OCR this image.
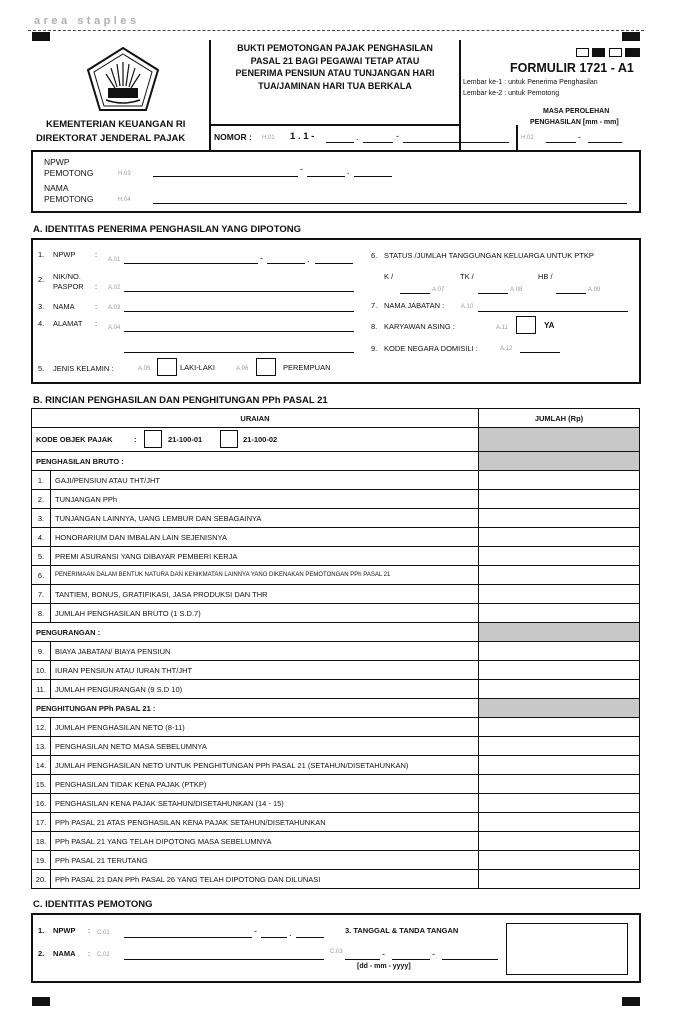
area staples
KEMENTERIAN KEUANGAN RI
DIREKTORAT JENDERAL PAJAK
BUKTI PEMOTONGAN PAJAK PENGHASILAN
PASAL 21 BAGI PEGAWAI TETAP ATAU
PENERIMA PENSIUN ATAU TUNJANGAN HARI
TUA/JAMINAN HARI TUA BERKALA
NOMOR : H.01 1 . 1 -	.	-
FORMULIR 1721 - A1
Lembar ke-1 : untuk Penerima Penghasilan
Lembar ke-2 : untuk Pemotong
MASA PEROLEHAN
PENGHASILAN [mm - mm]
H.02	-
NPWP
PEMOTONG	H.03	-	.
NAMA
PEMOTONG	H.04
A. IDENTITAS PENERIMA PENGHASILAN YANG DIPOTONG
1. NPWP	:
A.01	-	.
2. NIK/NO.
PASPOR : A.02
3. NAMA	: A.03
4. ALAMAT : A.04
5. JENIS KELAMIN :	A.05	LAKI-LAKI	A.06	PEREMPUAN
6. STATUS /JUMLAH TANGGUNGAN KELUARGA UNTUK PTKP
K /	TK /	HB /
A.07	A.08	A.09
7. NAMA JABATAN :	A.10
8. KARYAWAN ASING :	A.11	YA
9. KODE NEGARA DOMISILI :	A.12
B. RINCIAN PENGHASILAN DAN PENGHITUNGAN PPh PASAL 21
URAIAN		JUMLAH (Rp)

KODE OBJEK PAJAK : 21-100-01 21-100-02		

PENGHASILAN BRUTO :		
1.	GAJI/PENSIUN ATAU THT/JHT	
2.	TUNJANGAN PPh	
3.	TUNJANGAN LAINNYA, UANG LEMBUR DAN SEBAGAINYA	
4.	HONORARIUM DAN IMBALAN LAIN SEJENISNYA	
5.	PREMI ASURANSI YANG DIBAYAR PEMBERI KERJA	
6.	PENERIMAAN DALAM BENTUK NATURA DAN KENIKMATAN LAINNYA YANG DIKENAKAN PEMOTONGAN PPh PASAL 21	
7.	TANTIEM, BONUS, GRATIFIKASI, JASA PRODUKSI DAN THR	
8.	JUMLAH PENGHASILAN BRUTO (1 S.D.7)	
PENGURANGAN :		
9.	BIAYA JABATAN/ BIAYA PENSIUN	
10.	IURAN PENSIUN ATAU IURAN THT/JHT	
11.	JUMLAH PENGURANGAN (9 S.D 10)	
PENGHITUNGAN PPh PASAL 21 :		
12.	JUMLAH PENGHASILAN NETO (8-11)	
13.	PENGHASILAN NETO MASA SEBELUMNYA	
14.	JUMLAH PENGHASILAN NETO UNTUK PENGHITUNGAN PPh PASAL 21 (SETAHUN/DISETAHUNKAN)	
15.	PENGHASILAN TIDAK KENA PAJAK (PTKP)	
16.	PENGHASILAN KENA PAJAK SETAHUN/DISETAHUNKAN (14 - 15)	
17.	PPh PASAL 21 ATAS PENGHASILAN KENA PAJAK SETAHUN/DISETAHUNKAN	
18.	PPh PASAL 21 YANG TELAH DIPOTONG MASA SEBELUMNYA	
19.	PPh PASAL 21 TERUTANG	
20.	PPh PASAL 21 DAN PPh PASAL 26 YANG TELAH DIPOTONG DAN DILUNASI	
C. IDENTITAS PEMOTONG
1. NPWP : C.01	-	.	3. TANGGAL & TANDA TANGAN
2. NAMA : C.02	C.03	-	-
[dd - mm - yyyy]
